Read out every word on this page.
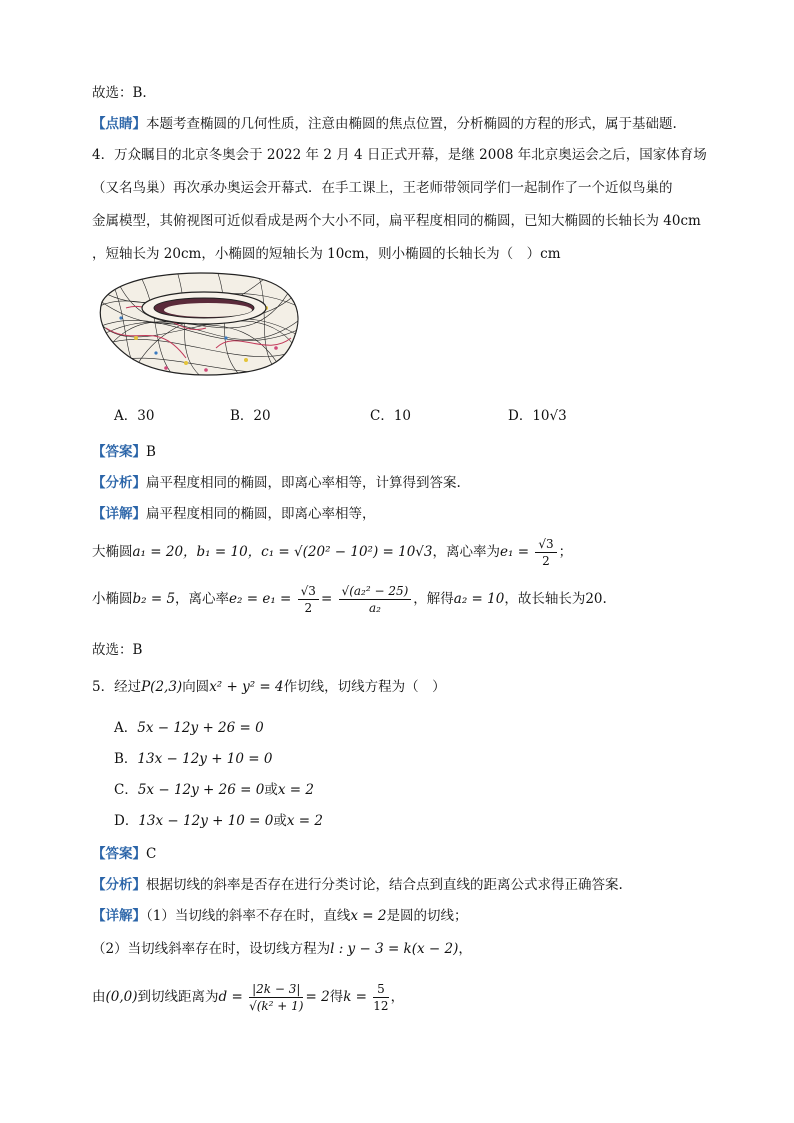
故选：B.
【点睛】本题考查椭圆的几何性质，注意由椭圆的焦点位置，分析椭圆的方程的形式，属于基础题.
4．万众瞩目的北京冬奥会于 2022 年 2 月 4 日正式开幕，是继 2008 年北京奥运会之后，国家体育场
（又名鸟巢）再次承办奥运会开幕式．在手工课上，王老师带领同学们一起制作了一个近似鸟巢的
金属模型，其俯视图可近似看成是两个大小不同，扁平程度相同的椭圆，已知大椭圆的长轴长为 40cm
，短轴长为 20cm，小椭圆的短轴长为 10cm，则小椭圆的长轴长为（　）cm
A．30	B．20	C．10	D．10√3
【答案】B
【分析】扁平程度相同的椭圆，即离心率相等，计算得到答案.
【详解】扁平程度相同的椭圆，即离心率相等，
大椭圆a₁ = 20，b₁ = 10，c₁ = √(20² − 10²) = 10√3，离心率为$e_1 = \frac{√3}{2}$ ；
小椭圆b₂ = 5，离心率$e_2 = e_1 = \frac{√3}{2} = \frac{\text{√(a₂² − 25)}}{\text{a₂}}$ ，解得a₂ = 10，故长轴长为20.
故选：B
5．经过P(2,3)向圆x² + y² = 4作切线，切线方程为（　）
A．5x − 12y + 26 = 0
B．13x − 12y + 10 = 0
C．5x − 12y + 26 = 0或x = 2
D．13x − 12y + 10 = 0或x = 2
【答案】C
【分析】根据切线的斜率是否存在进行分类讨论，结合点到直线的距离公式求得正确答案.
【详解】（1）当切线的斜率不存在时，直线x = 2是圆的切线；
（2）当切线斜率存在时，设切线方程为l : y − 3 = k(x − 2)，
由(0,0)到切线距离为$d = \frac{|2k - 3|}{\text{√(k² + 1)}} = 2$得$k = \frac{5}{12}$ ，
